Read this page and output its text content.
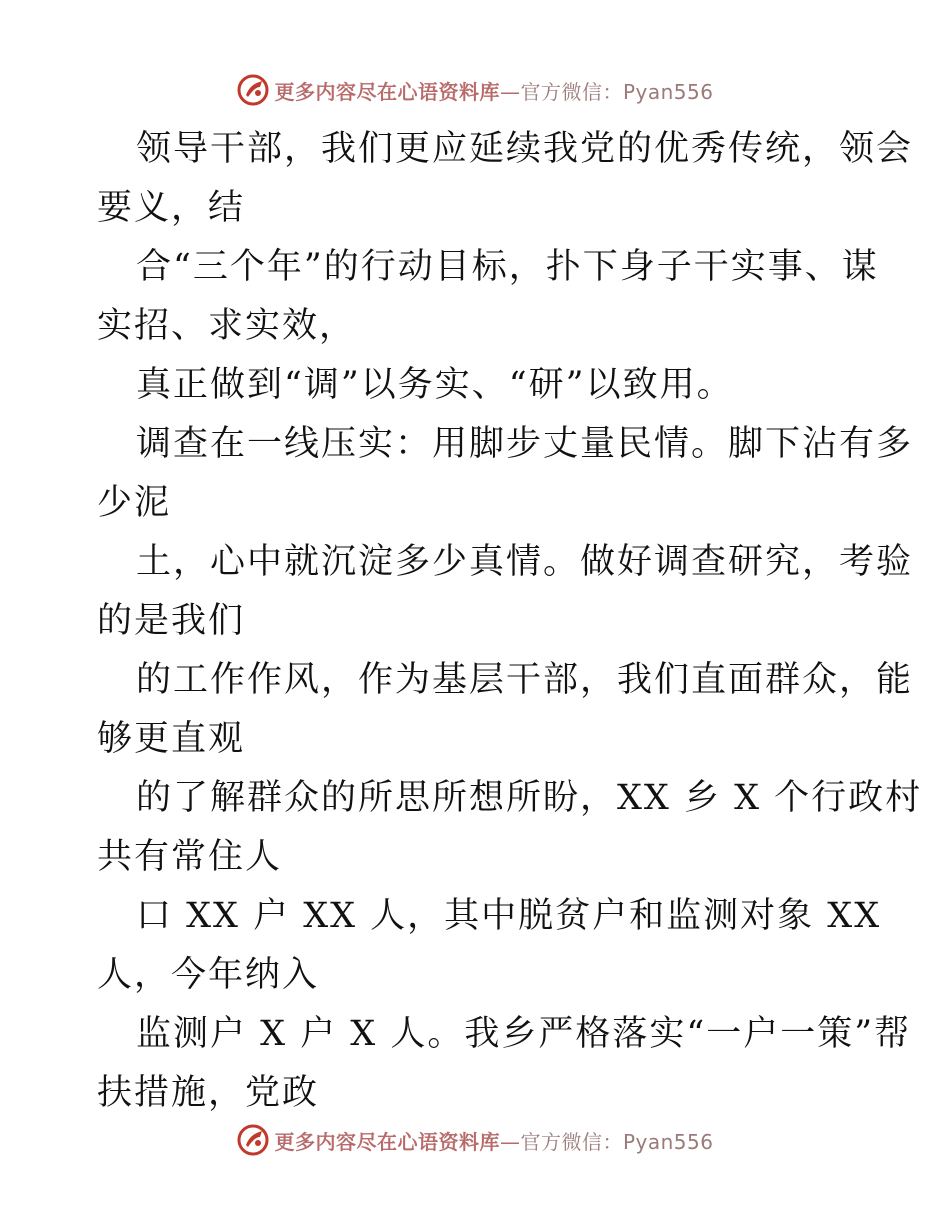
更多内容尽在心语资料库—官方微信：Pyan556

领导干部，我们更应延续我党的优秀传统，领会
要义，结

合“三个年”的行动目标，扑下身子干实事、谋
实招、求实效，

真正做到“调”以务实、“研”以致用。

调查在一线压实：用脚步丈量民情。脚下沾有多
少泥

土，心中就沉淀多少真情。做好调查研究，考验
的是我们

的工作作风，作为基层干部，我们直面群众，能
够更直观

的了解群众的所思所想所盼，XX 乡 X 个行政村
共有常住人

口 XX 户 XX 人，其中脱贫户和监测对象 XX
人，今年纳入

监测户 X 户 X 人。我乡严格落实“一户一策”帮
扶措施，党政

更多内容尽在心语资料库—官方微信：Pyan556
